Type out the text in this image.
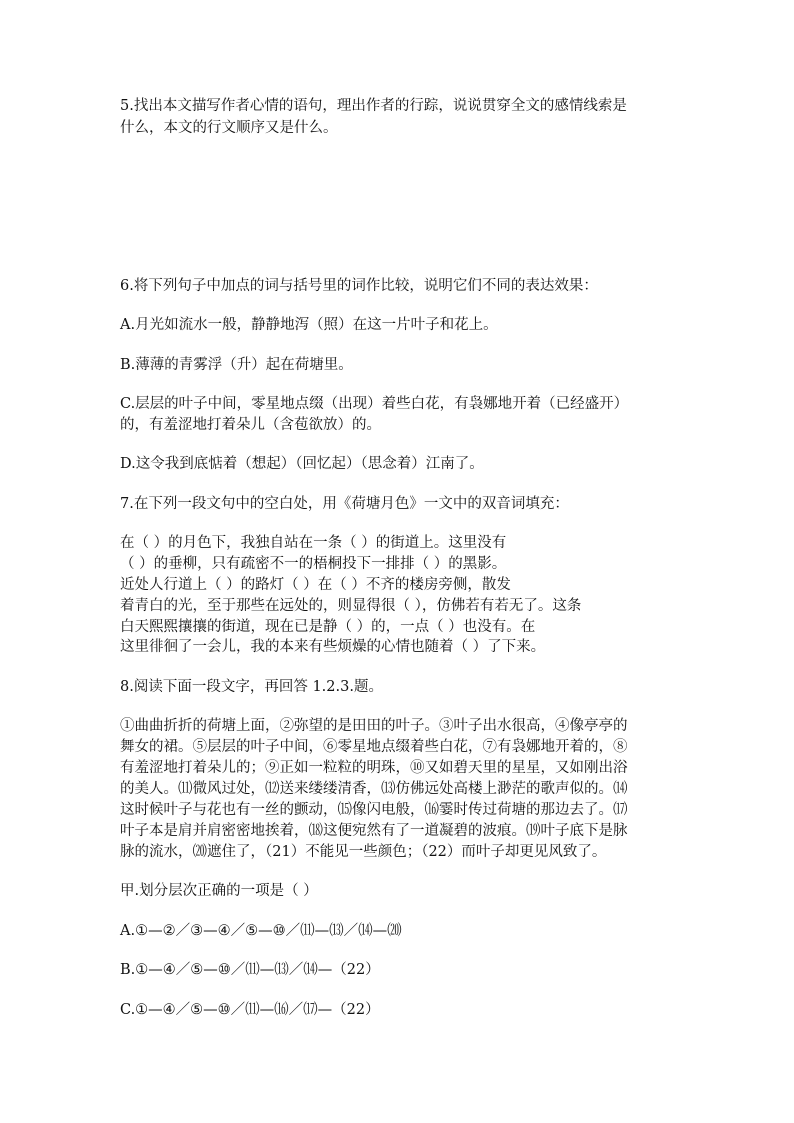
5.找出本文描写作者心情的语句，理出作者的行踪，说说贯穿全文的感情线索是
什么，本文的行文顺序又是什么。
6.将下列句子中加点的词与括号里的词作比较，说明它们不同的表达效果：
A.月光如流水一般，静静地泻（照）在这一片叶子和花上。
B.薄薄的青雾浮（升）起在荷塘里。
C.层层的叶子中间，零星地点缀（出现）着些白花，有袅娜地开着（已经盛开）
的，有羞涩地打着朵儿（含苞欲放）的。
D.这令我到底惦着（想起）（回忆起）（思念着）江南了。
7.在下列一段文句中的空白处，用《荷塘月色》一文中的双音词填充：
在（ ）的月色下，我独自站在一条（ ）的街道上。这里没有
（ ）的垂柳，只有疏密不一的梧桐投下一排排（ ）的黑影。
近处人行道上（ ）的路灯（ ）在（ ）不齐的楼房旁侧，散发
着青白的光，至于那些在远处的，则显得很（ ），仿佛若有若无了。这条
白天熙熙攘攘的街道，现在已是静（ ）的，一点（ ）也没有。在
这里徘徊了一会儿，我的本来有些烦燥的心情也随着（ ）了下来。
8.阅读下面一段文字，再回答 1.2.3.题。
①曲曲折折的荷塘上面，②弥望的是田田的叶子。③叶子出水很高，④像亭亭的
舞女的裙。⑤层层的叶子中间，⑥零星地点缀着些白花，⑦有袅娜地开着的，⑧
有羞涩地打着朵儿的；⑨正如一粒粒的明珠，⑩又如碧天里的星星，又如刚出浴
的美人。⑾微风过处，⑿送来缕缕清香，⒀仿佛远处高楼上渺茫的歌声似的。⒁
这时候叶子与花也有一丝的颤动，⒂像闪电般，⒃霎时传过荷塘的那边去了。⒄
叶子本是肩并肩密密地挨着，⒅这便宛然有了一道凝碧的波痕。⒆叶子底下是脉
脉的流水，⒇遮住了，（21）不能见一些颜色；（22）而叶子却更见风致了。
甲.划分层次正确的一项是（ ）
A.①—②／③—④／⑤—⑩／⑾—⒀／⒁—⒇
B.①—④／⑤—⑩／⑾—⒀／⒁—（22）
C.①—④／⑤—⑩／⑾—⒃／⒄—（22）
